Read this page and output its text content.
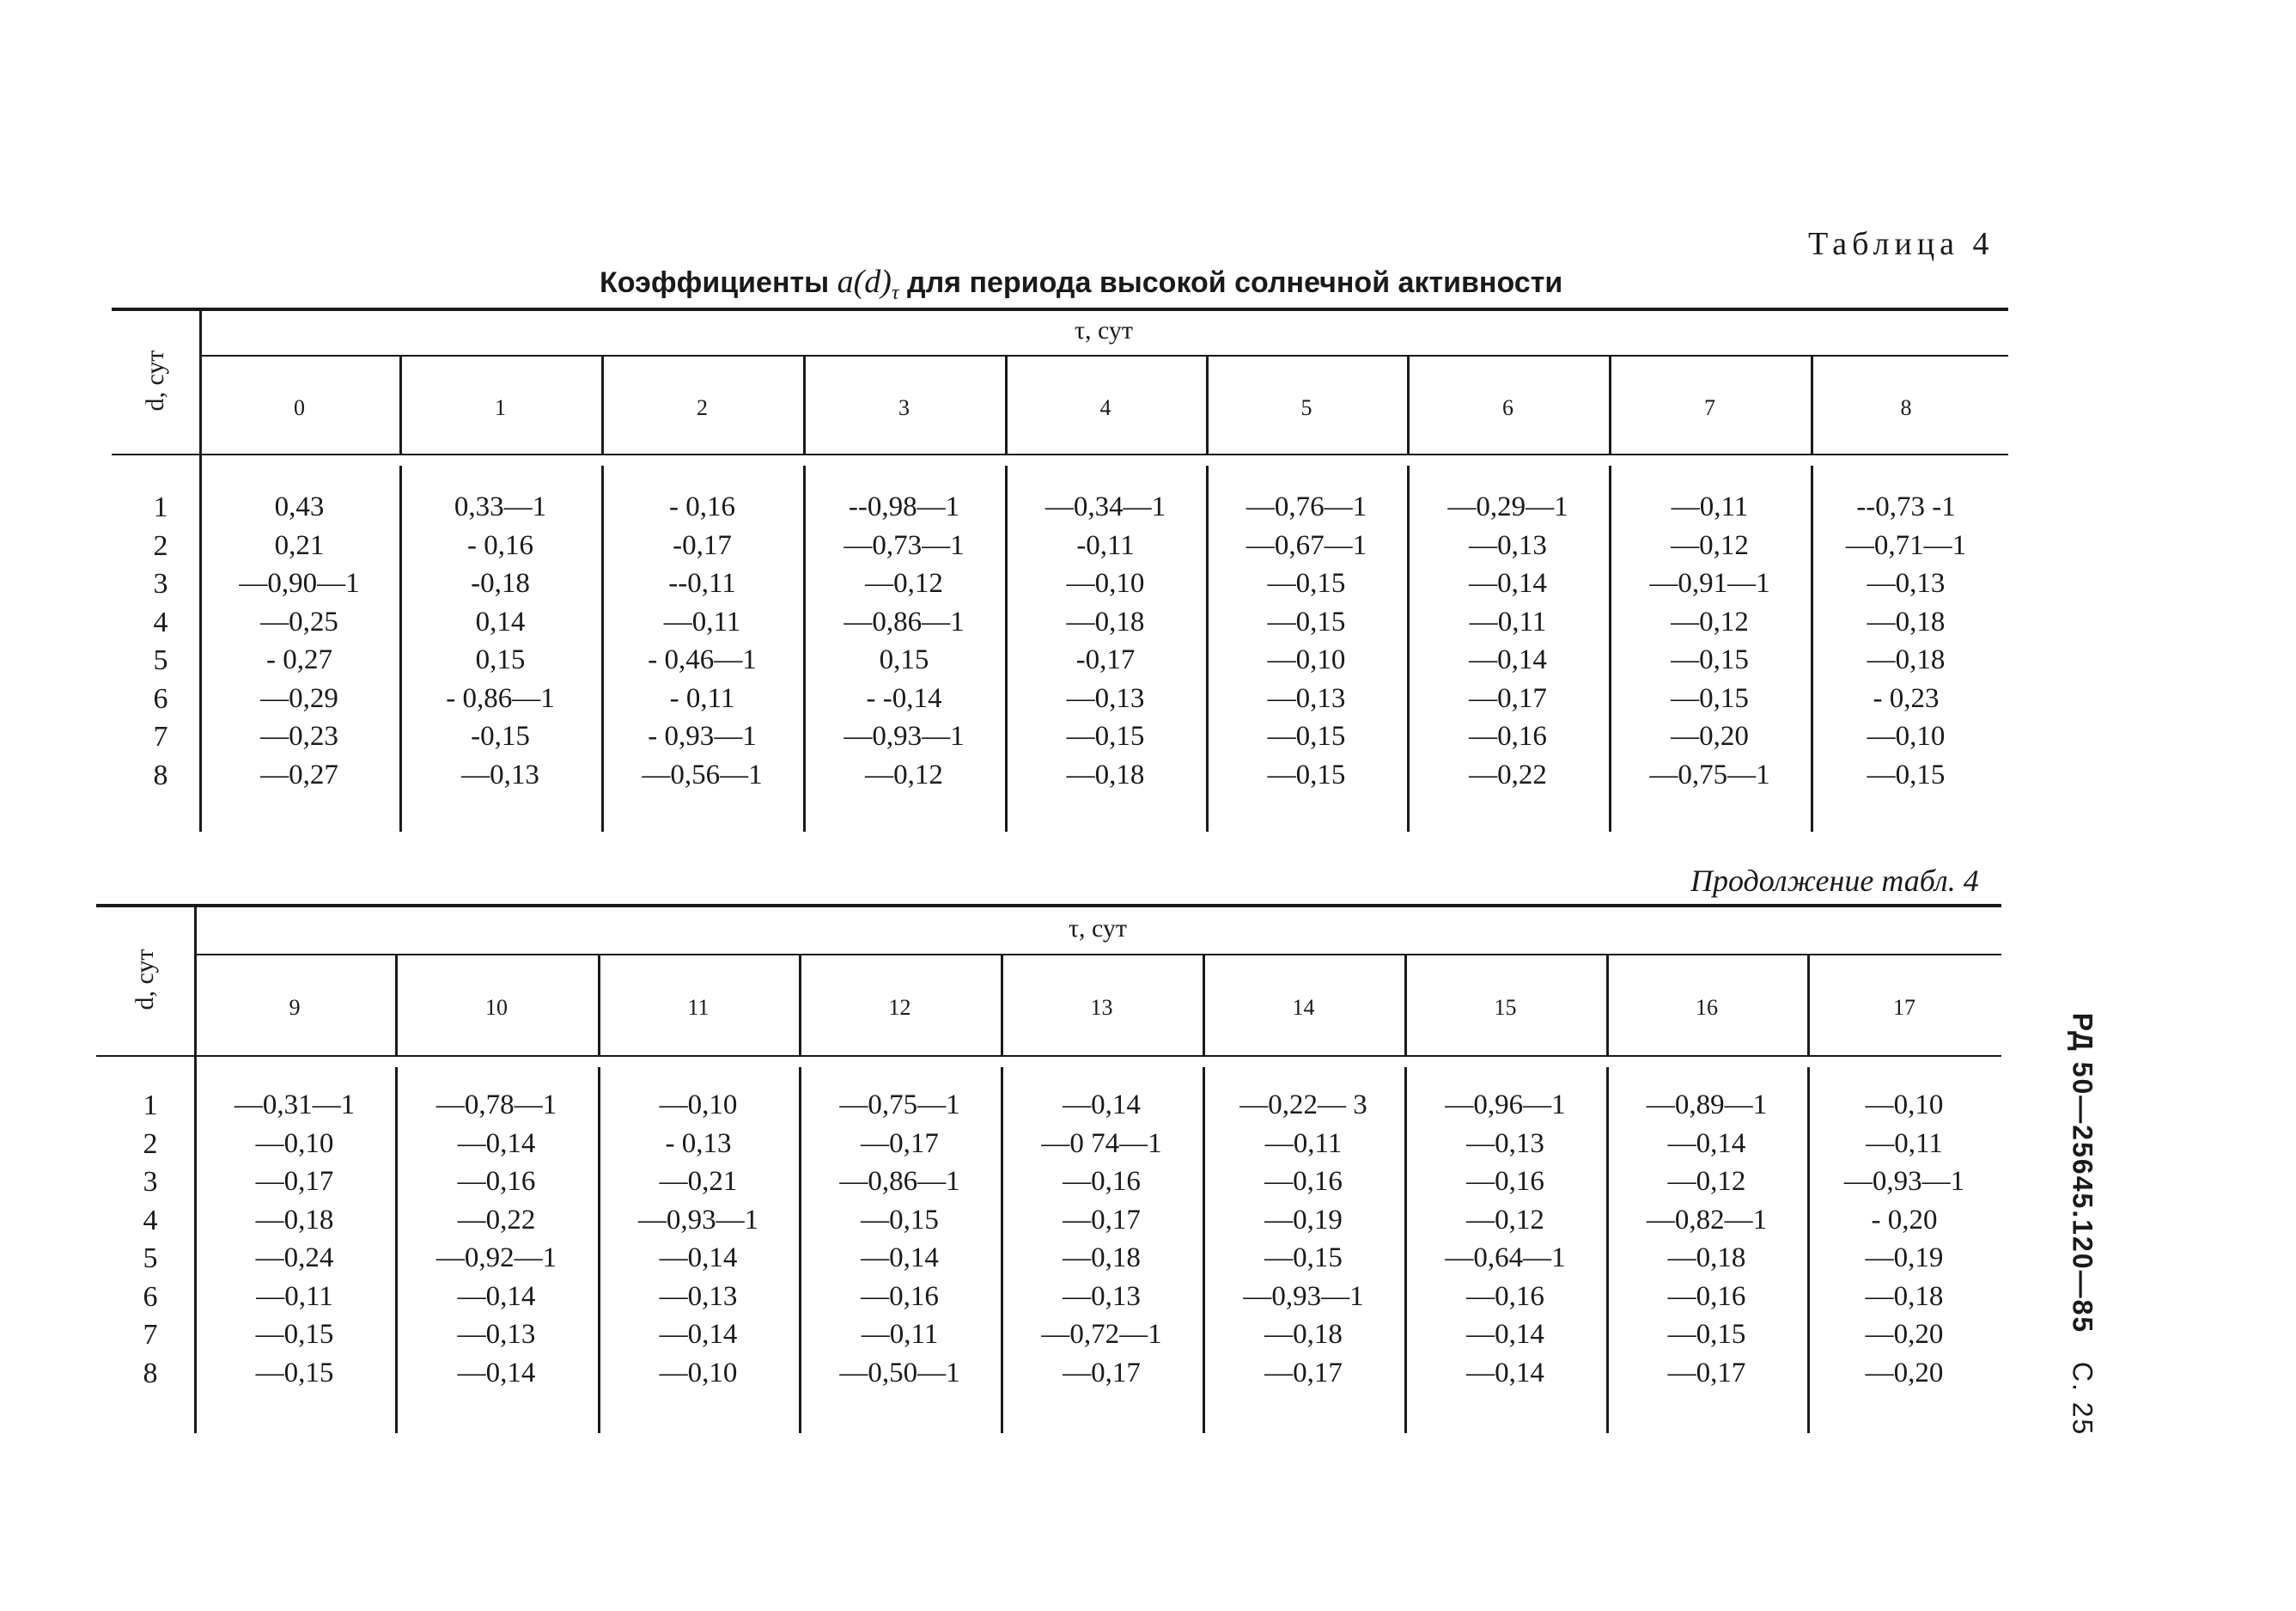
Таблица 4
Коэффициенты $a(d)_\tau$ для периода высокой солнечной активности
Продолжение табл. 4
РД 50—25645.120—85   С. 25
τ, сут
d, сут	0	1	2	3	4	5	6	7	8
1	0,43	0,33—1	- 0,16	--0,98—1	—0,34—1	—0,76—1	—0,29—1	—0,11	--0,73 -1
2	0,21	- 0,16	-0,17	—0,73—1	-0,11	—0,67—1	—0,13	—0,12	—0,71—1
3	—0,90—1	-0,18	--0,11	—0,12	—0,10	—0,15	—0,14	—0,91—1	—0,13
4	—0,25	0,14	—0,11	—0,86—1	—0,18	—0,15	—0,11	—0,12	—0,18
5	- 0,27	0,15	- 0,46—1	0,15	-0,17	—0,10	—0,14	—0,15	—0,18
6	—0,29	- 0,86—1	- 0,11	- -0,14	—0,13	—0,13	—0,17	—0,15	- 0,23
7	—0,23	-0,15	- 0,93—1	—0,93—1	—0,15	—0,15	—0,16	—0,20	—0,10
8	—0,27	—0,13	—0,56—1	—0,12	—0,18	—0,15	—0,22	—0,75—1	—0,15
τ, сут
d, сут	9	10	11	12	13	14	15	16	17
1	—0,31—1	—0,78—1	—0,10	—0,75—1	—0,14	—0,22— 3	—0,96—1	—0,89—1	—0,10
2	—0,10	—0,14	- 0,13	—0,17	—0 74—1	—0,11	—0,13	—0,14	—0,11
3	—0,17	—0,16	—0,21	—0,86—1	—0,16	—0,16	—0,16	—0,12	—0,93—1
4	—0,18	—0,22	—0,93—1	—0,15	—0,17	—0,19	—0,12	—0,82—1	- 0,20
5	—0,24	—0,92—1	—0,14	—0,14	—0,18	—0,15	—0,64—1	—0,18	—0,19
6	—0,11	—0,14	—0,13	—0,16	—0,13	—0,93—1	—0,16	—0,16	—0,18
7	—0,15	—0,13	—0,14	—0,11	—0,72—1	—0,18	—0,14	—0,15	—0,20
8	—0,15	—0,14	—0,10	—0,50—1	—0,17	—0,17	—0,14	—0,17	—0,20
